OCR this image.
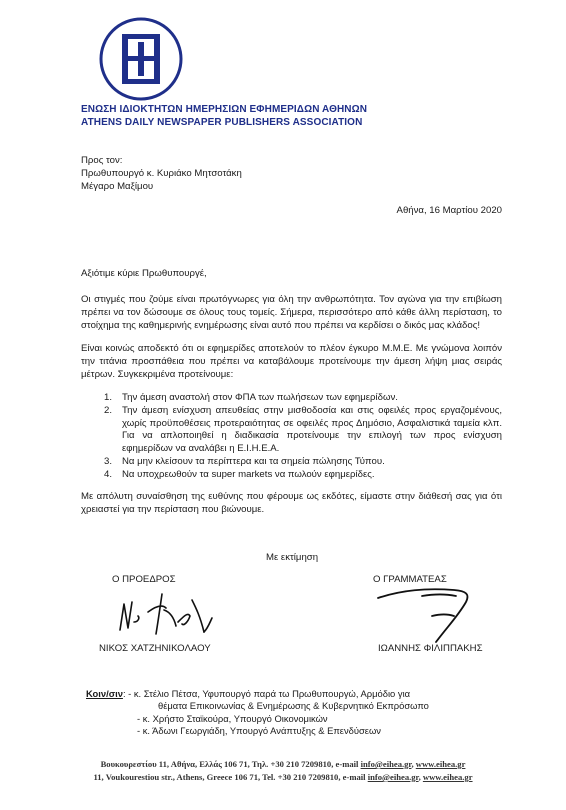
ΕΝΩΣΗ ΙΔΙΟΚΤΗΤΩΝ ΗΜΕΡΗΣΙΩΝ ΕΦΗΜΕΡΙΔΩΝ ΑΘΗΝΩΝ
ATHENS DAILY NEWSPAPER PUBLISHERS ASSOCIATION
Προς τον:
Πρωθυπουργό κ. Κυριάκο Μητσοτάκη
Μέγαρο Μαξίμου
Αθήνα, 16 Μαρτίου 2020
Αξιότιμε κύριε Πρωθυπουργέ,
Οι στιγμές που ζούμε είναι πρωτόγνωρες για όλη την ανθρωπότητα. Τον αγώνα για την επιβίωση πρέπει να τον δώσουμε σε όλους τους τομείς. Σήμερα, περισσότερο από κάθε άλλη περίσταση, το στοίχημα της καθημερινής ενημέρωσης είναι αυτό που πρέπει να κερδίσει ο δικός μας κλάδος!
Είναι κοινώς αποδεκτό ότι οι εφημερίδες αποτελούν το πλέον έγκυρο Μ.Μ.Ε. Με γνώμονα λοιπόν την τιτάνια προσπάθεια που πρέπει να καταβάλουμε προτείνουμε την άμεση λήψη μιας σειράς μέτρων. Συγκεκριμένα προτείνουμε:
1. Την άμεση αναστολή στον ΦΠΑ των πωλήσεων των εφημερίδων.
2. Την άμεση ενίσχυση απευθείας στην μισθοδοσία και στις οφειλές προς εργαζομένους, χωρίς προϋποθέσεις προτεραιότητας σε οφειλές προς Δημόσιο, Ασφαλιστικά ταμεία κλπ. Για να απλοποιηθεί η διαδικασία προτείνουμε την επιλογή των προς ενίσχυση εφημερίδων να αναλάβει η Ε.Ι.Η.Ε.Α.
3. Να μην κλείσουν τα περίπτερα και τα σημεία πώλησης Τύπου.
4. Να υποχρεωθούν τα super markets να πωλούν εφημερίδες.
Με απόλυτη συναίσθηση της ευθύνης που φέρουμε ως εκδότες, είμαστε στην διάθεσή σας για ότι χρειαστεί για την περίσταση που βιώνουμε.
Με εκτίμηση
Ο ΠΡΟΕΔΡΟΣ	Ο ΓΡΑΜΜΑΤΕΑΣ
ΝΙΚΟΣ ΧΑΤΖΗΝΙΚΟΛΑΟΥ	ΙΩΑΝΝΗΣ ΦΙΛΙΠΠΑΚΗΣ
Κοιν/σιν: - κ. Στέλιο Πέτσα, Υφυπουργό παρά τω Πρωθυπουργώ, Αρμόδιο για
θέματα Επικοινωνίας & Ενημέρωσης & Κυβερνητικό Εκπρόσωπο
- κ. Χρήστο Σταϊκούρα, Υπουργό Οικονομικών
- κ. Άδωνι Γεωργιάδη, Υπουργό Ανάπτυξης & Επενδύσεων
Βουκουρεστίου 11, Αθήνα, Ελλάς 106 71, Τηλ. +30 210 7209810, e-mail info@eihea.gr, www.eihea.gr
11, Voukourestiou str., Athens, Greece 106 71, Tel. +30 210 7209810, e-mail info@eihea.gr, www.eihea.gr
